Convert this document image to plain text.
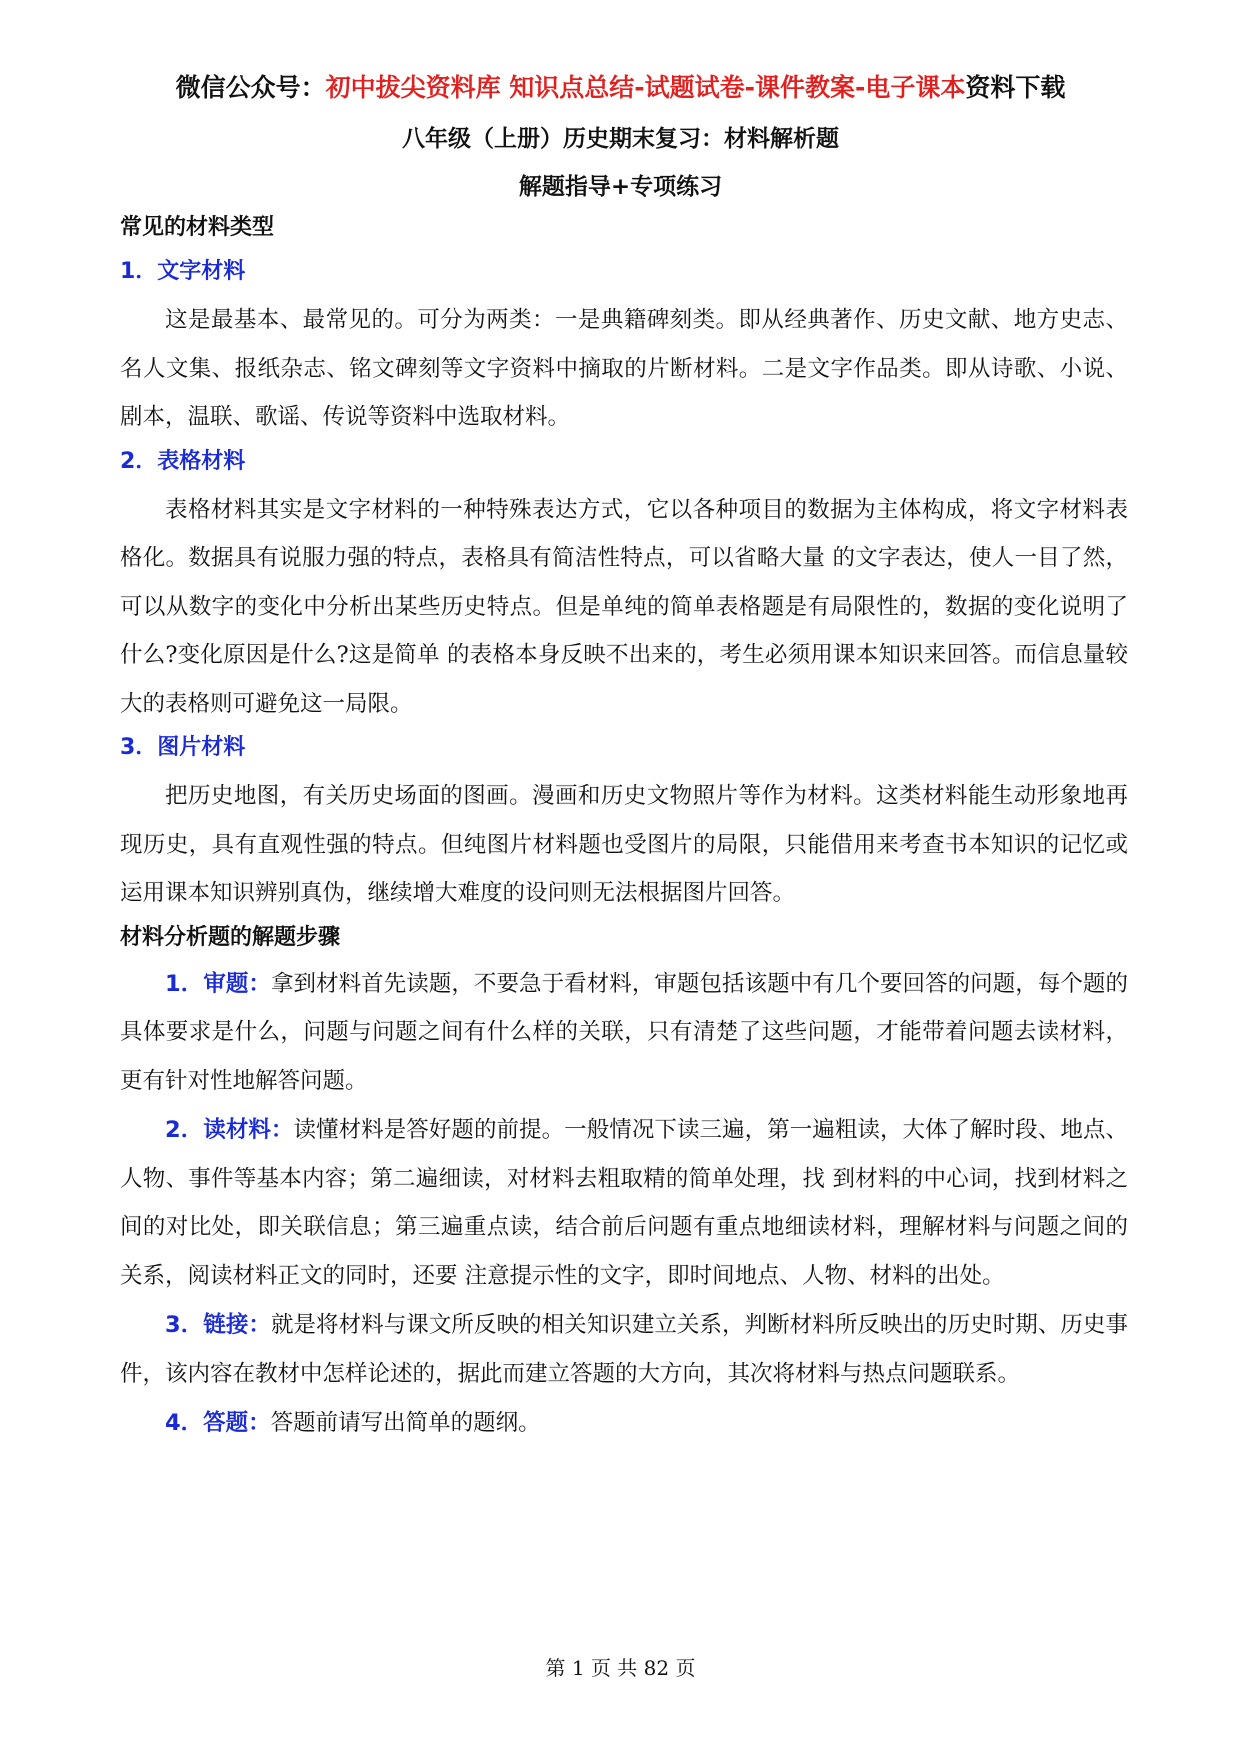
微信公众号：初中拔尖资料库 知识点总结-试题试卷-课件教案-电子课本资料下载
八年级（上册）历史期末复习：材料解析题
解题指导+专项练习
常见的材料类型
1．文字材料
这是最基本、最常见的。可分为两类：一是典籍碑刻类。即从经典著作、历史文献、地方史志、名人文集、报纸杂志、铭文碑刻等文字资料中摘取的片断材料。二是文字作品类。即从诗歌、小说、剧本，温联、歌谣、传说等资料中选取材料。
2．表格材料
表格材料其实是文字材料的一种特殊表达方式，它以各种项目的数据为主体构成，将文字材料表格化。数据具有说服力强的特点，表格具有简洁性特点，可以省略大量 的文字表达，使人一目了然，可以从数字的变化中分析出某些历史特点。但是单纯的简单表格题是有局限性的，数据的变化说明了什么?变化原因是什么?这是简单 的表格本身反映不出来的，考生必须用课本知识来回答。而信息量较大的表格则可避免这一局限。
3．图片材料
把历史地图，有关历史场面的图画。漫画和历史文物照片等作为材料。这类材料能生动形象地再现历史，具有直观性强的特点。但纯图片材料题也受图片的局限，只能借用来考查书本知识的记忆或运用课本知识辨别真伪，继续增大难度的设问则无法根据图片回答。
材料分析题的解题步骤
1．审题：拿到材料首先读题，不要急于看材料，审题包括该题中有几个要回答的问题，每个题的具体要求是什么，问题与问题之间有什么样的关联，只有清楚了这些问题，才能带着问题去读材料，更有针对性地解答问题。
2．读材料：读懂材料是答好题的前提。一般情况下读三遍，第一遍粗读，大体了解时段、地点、人物、事件等基本内容；第二遍细读，对材料去粗取精的简单处理，找 到材料的中心词，找到材料之间的对比处，即关联信息；第三遍重点读，结合前后问题有重点地细读材料，理解材料与问题之间的关系，阅读材料正文的同时，还要 注意提示性的文字，即时间地点、人物、材料的出处。
3．链接：就是将材料与课文所反映的相关知识建立关系，判断材料所反映出的历史时期、历史事件，该内容在教材中怎样论述的，据此而建立答题的大方向，其次将材料与热点问题联系。
4．答题：答题前请写出简单的题纲。
第 1 页 共 82 页
